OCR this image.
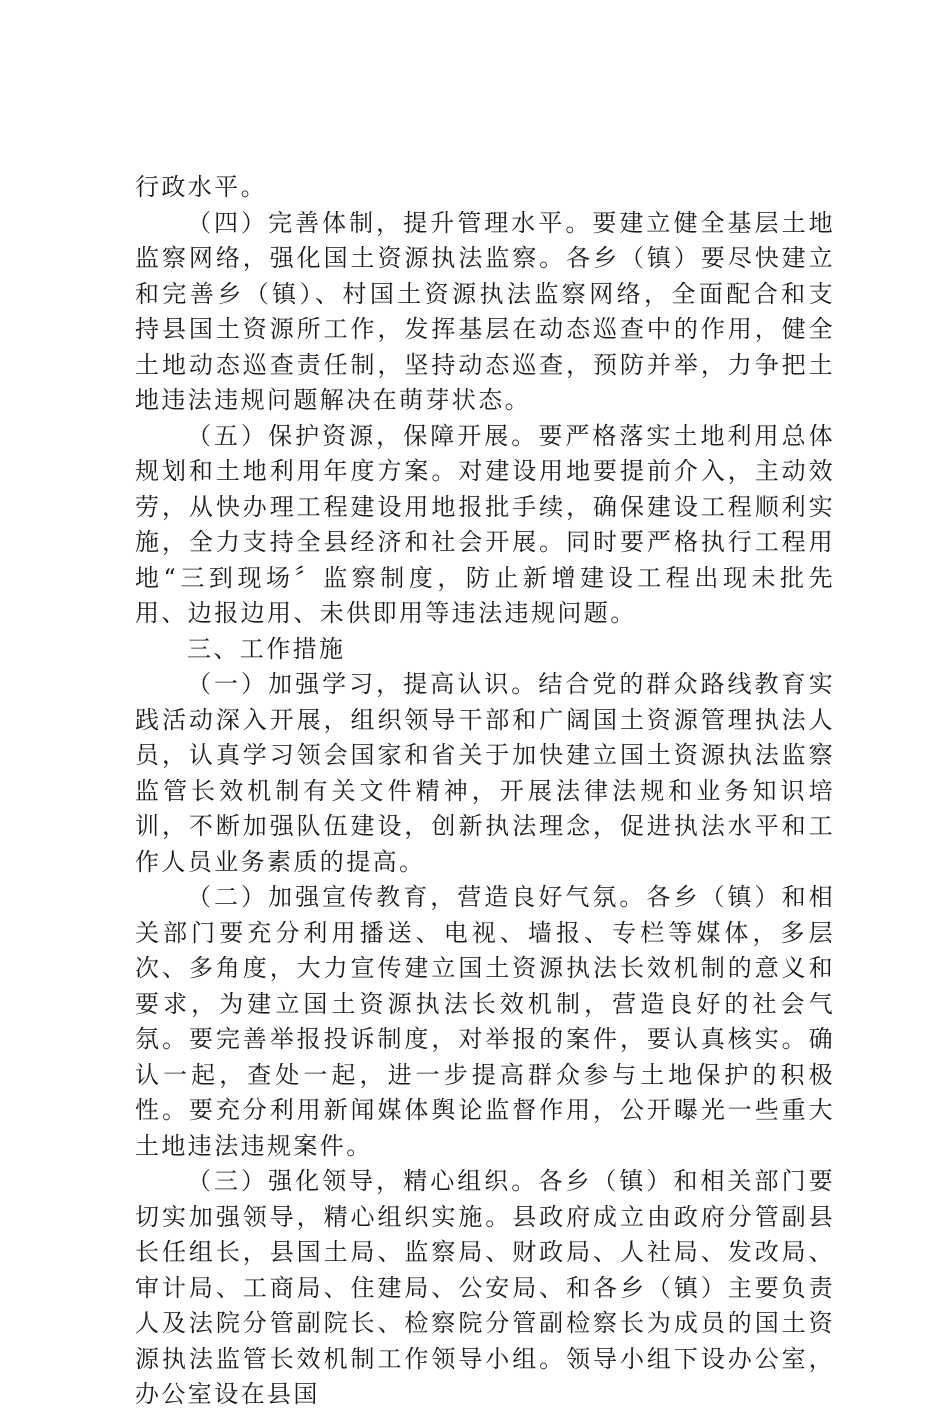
行政水平。

（四）完善体制，提升管理水平。要建立健全基层土地监察网络，强化国土资源执法监察。各乡（镇）要尽快建立和完善乡（镇）、村国土资源执法监察网络，全面配合和支持县国土资源所工作，发挥基层在动态巡查中的作用，健全土地动态巡查责任制，坚持动态巡查，预防并举，力争把土地违法违规问题解决在萌芽状态。

（五）保护资源，保障开展。要严格落实土地利用总体规划和土地利用年度方案。对建设用地要提前介入，主动效劳，从快办理工程建设用地报批手续，确保建设工程顺利实施，全力支持全县经济和社会开展。同时要严格执行工程用地“三到现场〞监察制度，防止新增建设工程出现未批先用、边报边用、未供即用等违法违规问题。

三、工作措施

（一）加强学习，提高认识。结合党的群众路线教育实践活动深入开展，组织领导干部和广阔国土资源管理执法人员，认真学习领会国家和省关于加快建立国土资源执法监察监管长效机制有关文件精神，开展法律法规和业务知识培训，不断加强队伍建设，创新执法理念，促进执法水平和工作人员业务素质的提高。

（二）加强宣传教育，营造良好气氛。各乡（镇）和相关部门要充分利用播送、电视、墙报、专栏等媒体，多层次、多角度，大力宣传建立国土资源执法长效机制的意义和要求，为建立国土资源执法长效机制，营造良好的社会气氛。要完善举报投诉制度，对举报的案件，要认真核实。确认一起，查处一起，进一步提高群众参与土地保护的积极性。要充分利用新闻媒体舆论监督作用，公开曝光一些重大土地违法违规案件。

（三）强化领导，精心组织。各乡（镇）和相关部门要切实加强领导，精心组织实施。县政府成立由政府分管副县长任组长，县国土局、监察局、财政局、人社局、发改局、审计局、工商局、住建局、公安局、和各乡（镇）主要负责人及法院分管副院长、检察院分管副检察长为成员的国土资源执法监管长效机制工作领导小组。领导小组下设办公室，办公室设在县国
